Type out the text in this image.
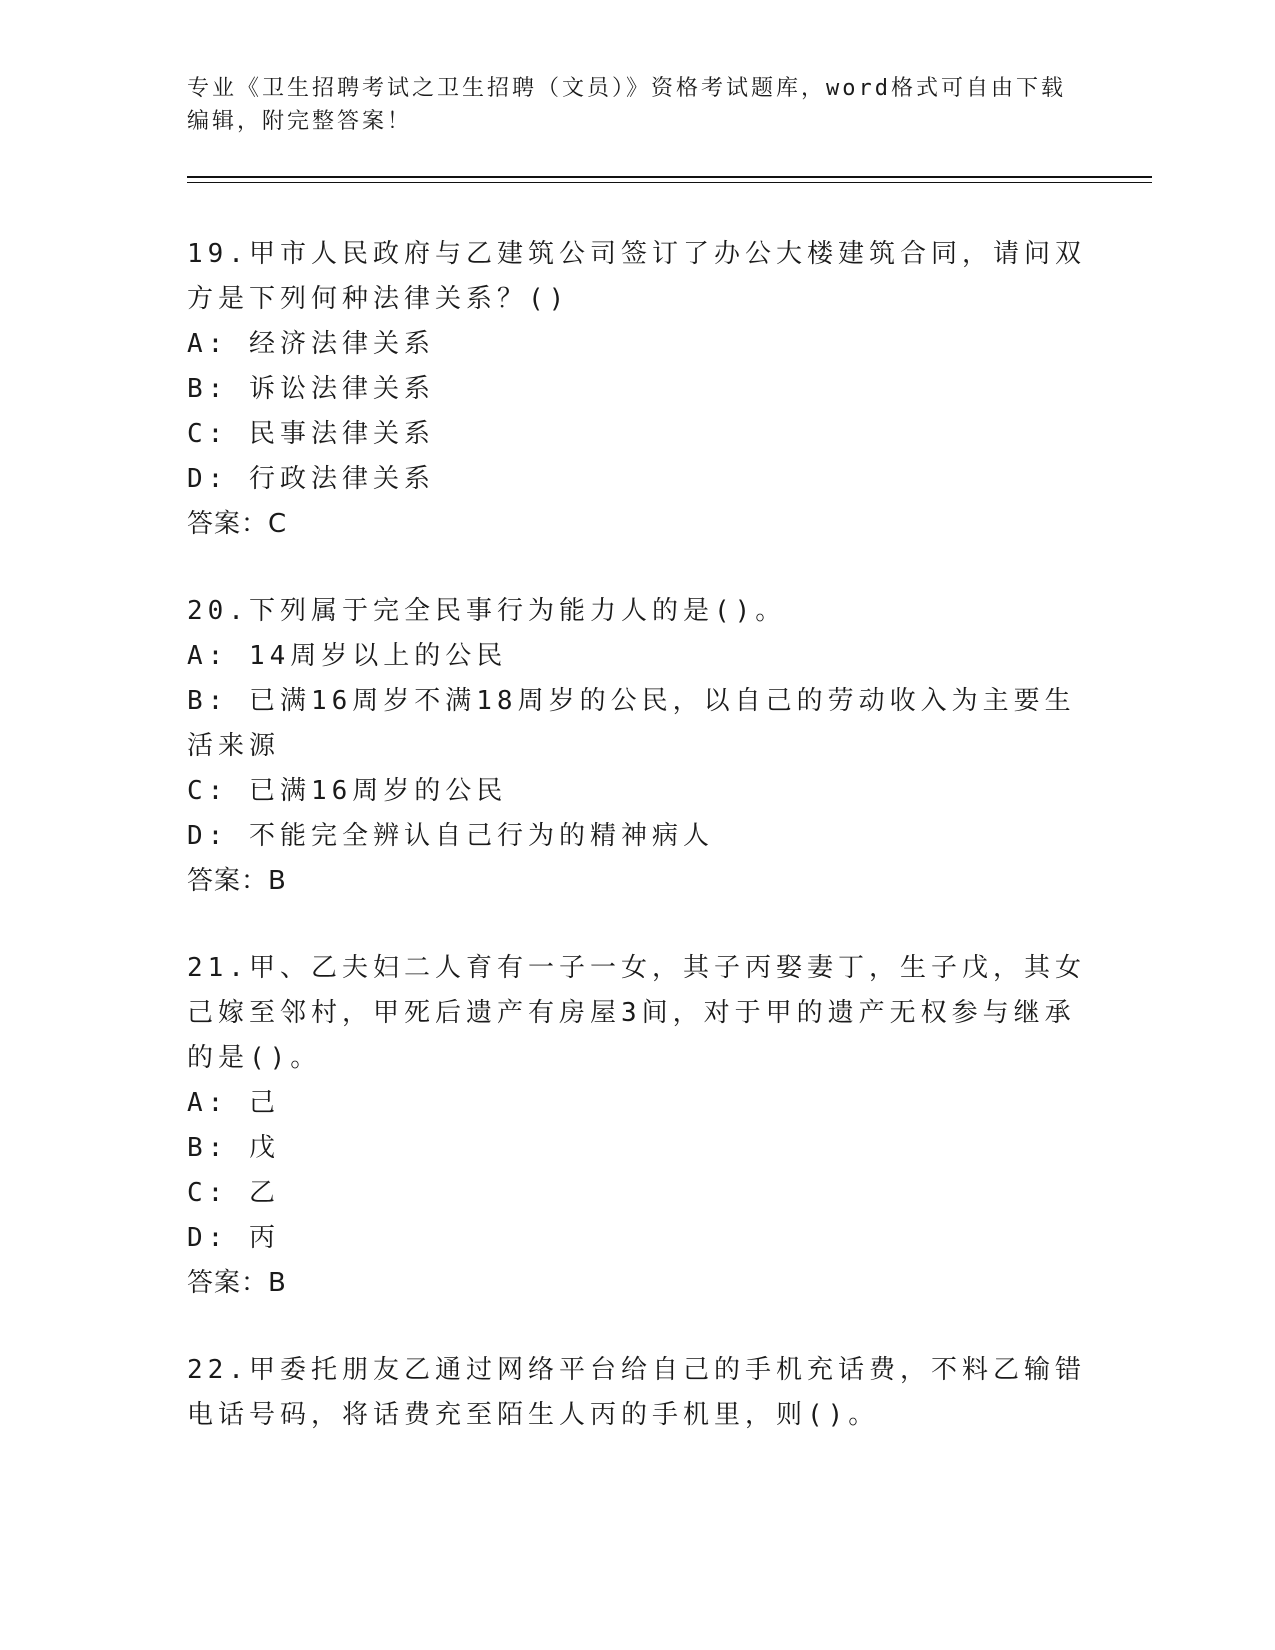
专业《卫生招聘考试之卫生招聘（文员）》资格考试题库，word格式可自由下载编辑，附完整答案！
19.甲市人民政府与乙建筑公司签订了办公大楼建筑合同，请问双方是下列何种法律关系？()
A: 经济法律关系
B: 诉讼法律关系
C: 民事法律关系
D: 行政法律关系
答案：C
20.下列属于完全民事行为能力人的是()。
A: 14周岁以上的公民
B: 已满16周岁不满18周岁的公民，以自己的劳动收入为主要生活来源
C: 已满16周岁的公民
D: 不能完全辨认自己行为的精神病人
答案：B
21.甲、乙夫妇二人育有一子一女，其子丙娶妻丁，生子戊，其女己嫁至邻村，甲死后遗产有房屋3间，对于甲的遗产无权参与继承的是()。
A: 己
B: 戊
C: 乙
D: 丙
答案：B
22.甲委托朋友乙通过网络平台给自己的手机充话费，不料乙输错电话号码，将话费充至陌生人丙的手机里，则()。
